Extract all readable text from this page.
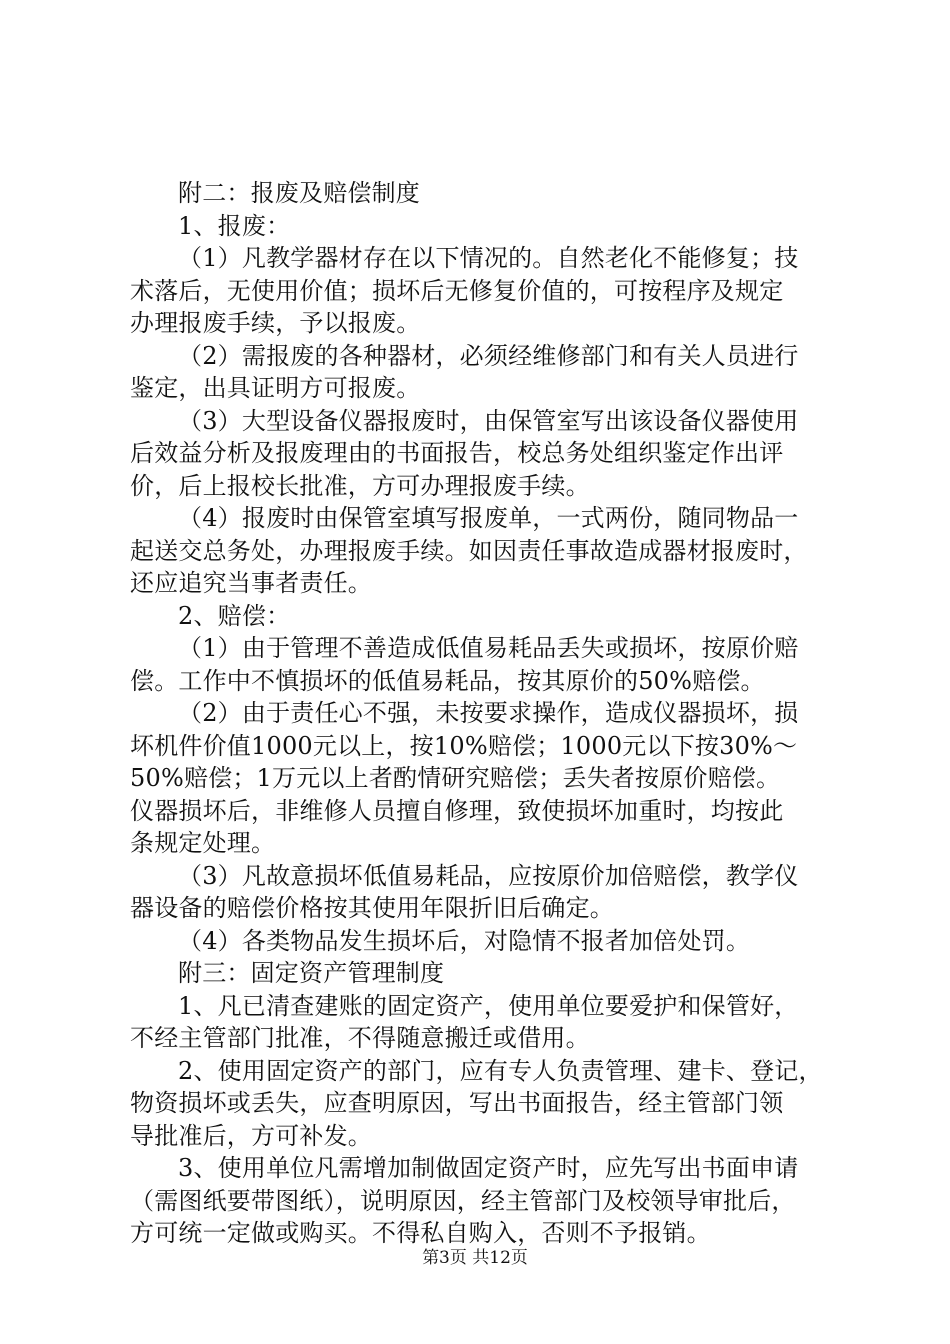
附二：报废及赔偿制度
1、报废：
（1）凡教学器材存在以下情况的。自然老化不能修复；技
术落后，无使用价值；损坏后无修复价值的，可按程序及规定
办理报废手续，予以报废。
（2）需报废的各种器材，必须经维修部门和有关人员进行
鉴定，出具证明方可报废。
（3）大型设备仪器报废时，由保管室写出该设备仪器使用
后效益分析及报废理由的书面报告，校总务处组织鉴定作出评
价，后上报校长批准，方可办理报废手续。
（4）报废时由保管室填写报废单，一式两份，随同物品一
起送交总务处，办理报废手续。如因责任事故造成器材报废时，
还应追究当事者责任。
2、赔偿：
（1）由于管理不善造成低值易耗品丢失或损坏，按原价赔
偿。工作中不慎损坏的低值易耗品，按其原价的50%赔偿。
（2）由于责任心不强，未按要求操作，造成仪器损坏，损
坏机件价值1000元以上，按10%赔偿；1000元以下按30%～
50%赔偿；1万元以上者酌情研究赔偿；丢失者按原价赔偿。
仪器损坏后，非维修人员擅自修理，致使损坏加重时，均按此
条规定处理。
（3）凡故意损坏低值易耗品，应按原价加倍赔偿，教学仪
器设备的赔偿价格按其使用年限折旧后确定。
（4）各类物品发生损坏后，对隐情不报者加倍处罚。
附三：固定资产管理制度
1、凡已清查建账的固定资产，使用单位要爱护和保管好，
不经主管部门批准，不得随意搬迁或借用。
2、使用固定资产的部门，应有专人负责管理、建卡、登记，
物资损坏或丢失，应查明原因，写出书面报告，经主管部门领
导批准后，方可补发。
3、使用单位凡需增加制做固定资产时，应先写出书面申请
（需图纸要带图纸），说明原因，经主管部门及校领导审批后，
方可统一定做或购买。不得私自购入，否则不予报销。
第3页 共12页
